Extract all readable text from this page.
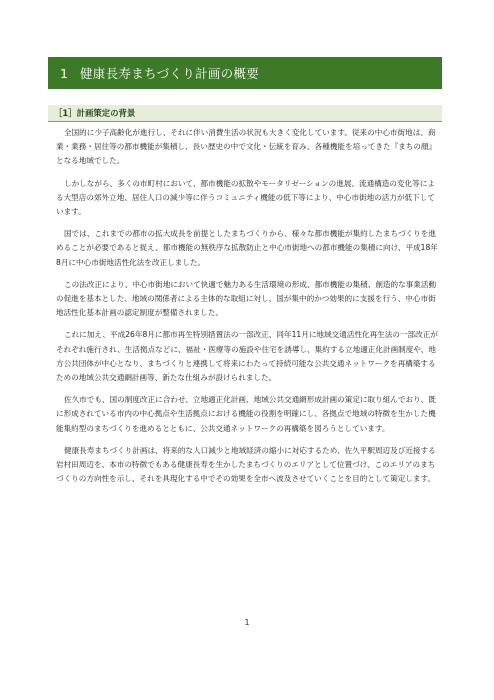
1 健康長寿まちづくり計画の概要
［1］計画策定の背景

全国的に少子高齢化が進行し、それに伴い消費生活の状況も大きく変化しています。従来の中心市街地は、商業・業務・居住等の都市機能が集積し、長い歴史の中で文化・伝統を育み、各種機能を培ってきた『まちの顔』となる地域でした。

しかしながら、多くの市町村において、都市機能の拡散やモータリゼーションの進展、流通構造の変化等による大型店の郊外立地、居住人口の減少等に伴うコミュニティ機能の低下等により、中心市街地の活力が低下しています。

国では、これまでの都市の拡大成長を前提としたまちづくりから、様々な都市機能が集約したまちづくりを進めることが必要であると捉え、都市機能の無秩序な拡散防止と中心市街地への都市機能の集積に向け、平成18年8月に中心市街地活性化法を改正しました。

この法改正により、中心市街地において快適で魅力ある生活環境の形成、都市機能の集積、創造的な事業活動の促進を基本とした、地域の関係者による主体的な取組に対し、国が集中的かつ効果的に支援を行う、中心市街地活性化基本計画の認定制度が整備されました。

これに加え、平成26年8月に都市再生特別措置法の一部改正、同年11月に地域交通活性化再生法の一部改正がそれぞれ施行され、生活拠点などに、福祉・医療等の施設や住宅を誘導し、集約する立地適正化計画制度や、地方公共団体が中心となり、まちづくりと連携して将来にわたって持続可能な公共交通ネットワークを再構築するための地域公共交通網計画等、新たな仕組みが設けられました。

佐久市でも、国の制度改正に合わせ、立地適正化計画、地域公共交通網形成計画の策定に取り組んでおり、既に形成されている市内の中心拠点や生活拠点における機能の役割を明確にし、各拠点で地域の特徴を生かした機能集約型のまちづくりを進めるとともに、公共交通ネットワークの再構築を図ろうとしています。

健康長寿まちづくり計画は、将来的な人口減少と地域経済の縮小に対応するため、佐久平駅周辺及び近接する岩村田周辺を、本市の特徴でもある健康長寿を生かしたまちづくりのエリアとして位置づけ、このエリアのまちづくりの方向性を示し、それを具現化する中でその効果を全市へ波及させていくことを目的として策定します。

1
